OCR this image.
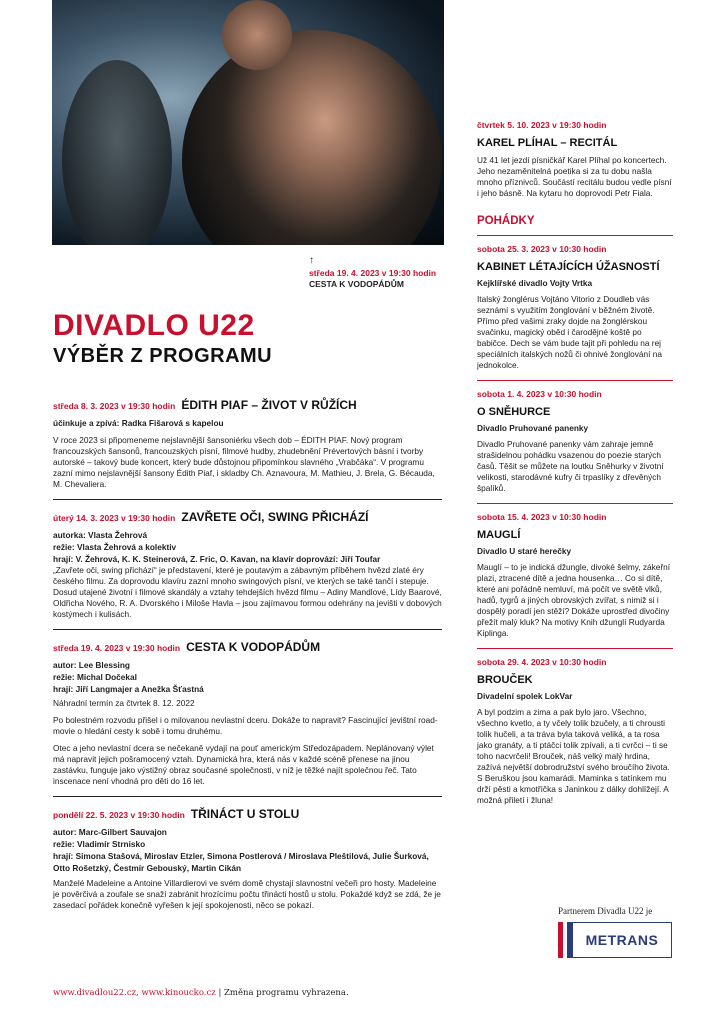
↑
středa 19. 4. 2023 v 19:30 hodin
CESTA K VODOPÁDŮM
DIVADLO U22
VÝBĚR Z PROGRAMU
středa 8. 3. 2023 v 19:30 hodin ÉDITH PIAF – ŽIVOT V RŮŽÍCH
účinkuje a zpívá: Radka Fišarová s kapelou

V roce 2023 si připomeneme nejslavnější šansoniérku všech dob – ÉDITH PIAF. Nový program francouzských šansonů, francouzských písní, filmové hudby, zhudebnění Prévertových básní i tvorby autorské – takový bude koncert, který bude důstojnou připomínkou slavného „Vrabčáka“. V programu zazní mimo nejslavnější šansony Édith Piaf, i skladby Ch. Aznavoura, M. Mathieu, J. Brela, G. Bécauda, M. Chevaliera.

úterý 14. 3. 2023 v 19:30 hodin ZAVŘETE OČI, SWING PŘICHÁZÍ
autorka: Vlasta Žehrová
režie: Vlasta Žehrová a kolektiv
hrají: V. Žehrová, K. K. Steinerová, Z. Fric, O. Kavan, na klavír doprovází: Jiří Toufar

„Zavřete oči, swing přichází“ je představení, které je poutavým a zábavným příběhem hvězd zlaté éry českého filmu. Za doprovodu klavíru zazní mnoho swingových písní, ve kterých se také tančí i stepuje. Dosud utajené životní i filmové skandály a vztahy tehdejších hvězd filmu – Adiny Mandlové, Lídy Baarové, Oldřicha Nového, R. A. Dvorského i Miloše Havla – jsou zajímavou formou odehrány na jevišti v dobových kostýmech i kulisách.

středa 19. 4. 2023 v 19:30 hodin CESTA K VODOPÁDŮM
autor: Lee Blessing
režie: Michal Dočekal
hrají: Jiří Langmajer a Anežka Šťastná
Náhradní termín za čtvrtek 8. 12. 2022

Po bolestném rozvodu přišel i o milovanou nevlastní dceru. Dokáže to napravit? Fascinující jevištní road-movie o hledání cesty k sobě i tomu druhému.

Otec a jeho nevlastní dcera se nečekaně vydají na pouť americkým Středozápadem. Neplánovaný výlet má napravit jejich pošramocený vztah. Dynamická hra, která nás v každé scéně přenese na jinou zastávku, funguje jako výstižný obraz současné společnosti, v níž je těžké najít společnou řeč. Tato inscenace není vhodná pro děti do 16 let.

pondělí 22. 5. 2023 v 19:30 hodin TŘINÁCT U STOLU
autor: Marc-Gilbert Sauvajon
režie: Vladimír Strnisko
hrají: Simona Stašová, Miroslav Etzler, Simona Postlerová / Miroslava Pleštilová, Julie Šurková, Otto Rošetzký, Čestmír Gebouský, Martin Cikán

Manželé Madeleine a Antoine Villardierovi ve svém domě chystají slavnostní večeři pro hosty. Madeleine je pověrčivá a zoufale se snaží zabránit hrozícímu počtu třinácti hostů u stolu. Pokaždé když se zdá, že je zasedací pořádek konečně vyřešen k její spokojenosti, něco se pokazí.

čtvrtek 5. 10. 2023 v 19:30 hodin
KAREL PLÍHAL – RECITÁL
Už 41 let jezdí písničkář Karel Plíhal po koncertech. Jeho nezaměnitelná poetika si za tu dobu našla mnoho příznivců. Součástí recitálu budou vedle písní i jeho básně. Na kytaru ho doprovodí Petr Fiala.
POHÁDKY
sobota 25. 3. 2023 v 10:30 hodin
KABINET LÉTAJÍCÍCH ÚŽASNOSTÍ
Kejklířské divadlo Vojty Vrtka
Italský žonglérus Vojtáno Vitorio z Doudleb vás seznámí s využitím žonglování v běžném životě. Přímo před vašimi zraky dojde na žonglérskou svačinku, magický oběd i čarodějné koště po babičce. Dech se vám bude tajit při pohledu na rej speciálních italských nožů či ohnivé žonglování na jednokolce.
sobota 1. 4. 2023 v 10:30 hodin
O SNĚHURCE
Divadlo Pruhované panenky
Divadlo Pruhované panenky vám zahraje jemně strašidelnou pohádku vsazenou do poezie starých časů. Těšit se můžete na loutku Sněhurky v životní velikosti, starodávné kufry či trpaslíky z dřevěných špalíků.
sobota 15. 4. 2023 v 10:30 hodin
MAUGLÍ
Divadlo U staré herečky
Mauglí – to je indická džungle, divoké šelmy, zákeřní plazi, ztracené dítě a jedna housenka… Co si dítě, které ani pořádně nemluví, má počít ve světě vlků, hadů, tygrů a jiných obrovských zvířat, s nimiž si i dospělý poradí jen stěží? Dokáže uprostřed divočiny přežít malý kluk? Na motivy Knih džunglí Rudyarda Kiplinga.
sobota 29. 4. 2023 v 10:30 hodin
BROUČEK
Divadelní spolek LokVar
A byl podzim a zima a pak bylo jaro. Všechno, všechno kvetlo, a ty včely tolik bzučely, a ti chrousti tolik hučeli, a ta tráva byla taková veliká, a ta rosa jako granáty, a ti ptáčci tolik zpívali, a ti cvrčci – ti se toho nacvrčeli! Brouček, náš velký malý hrdina, zažívá největší dobrodružství svého broučího života. S Beruškou jsou kamarádi. Maminka s tatínkem mu drží pěsti a kmotříčka s Janinkou z dálky dohlížejí. A možná přiletí i žluna!
Partnerem Divadla U22 je
METRANS
www.divadlou22.cz, www.kinoucko.cz | Změna programu vyhrazena.
